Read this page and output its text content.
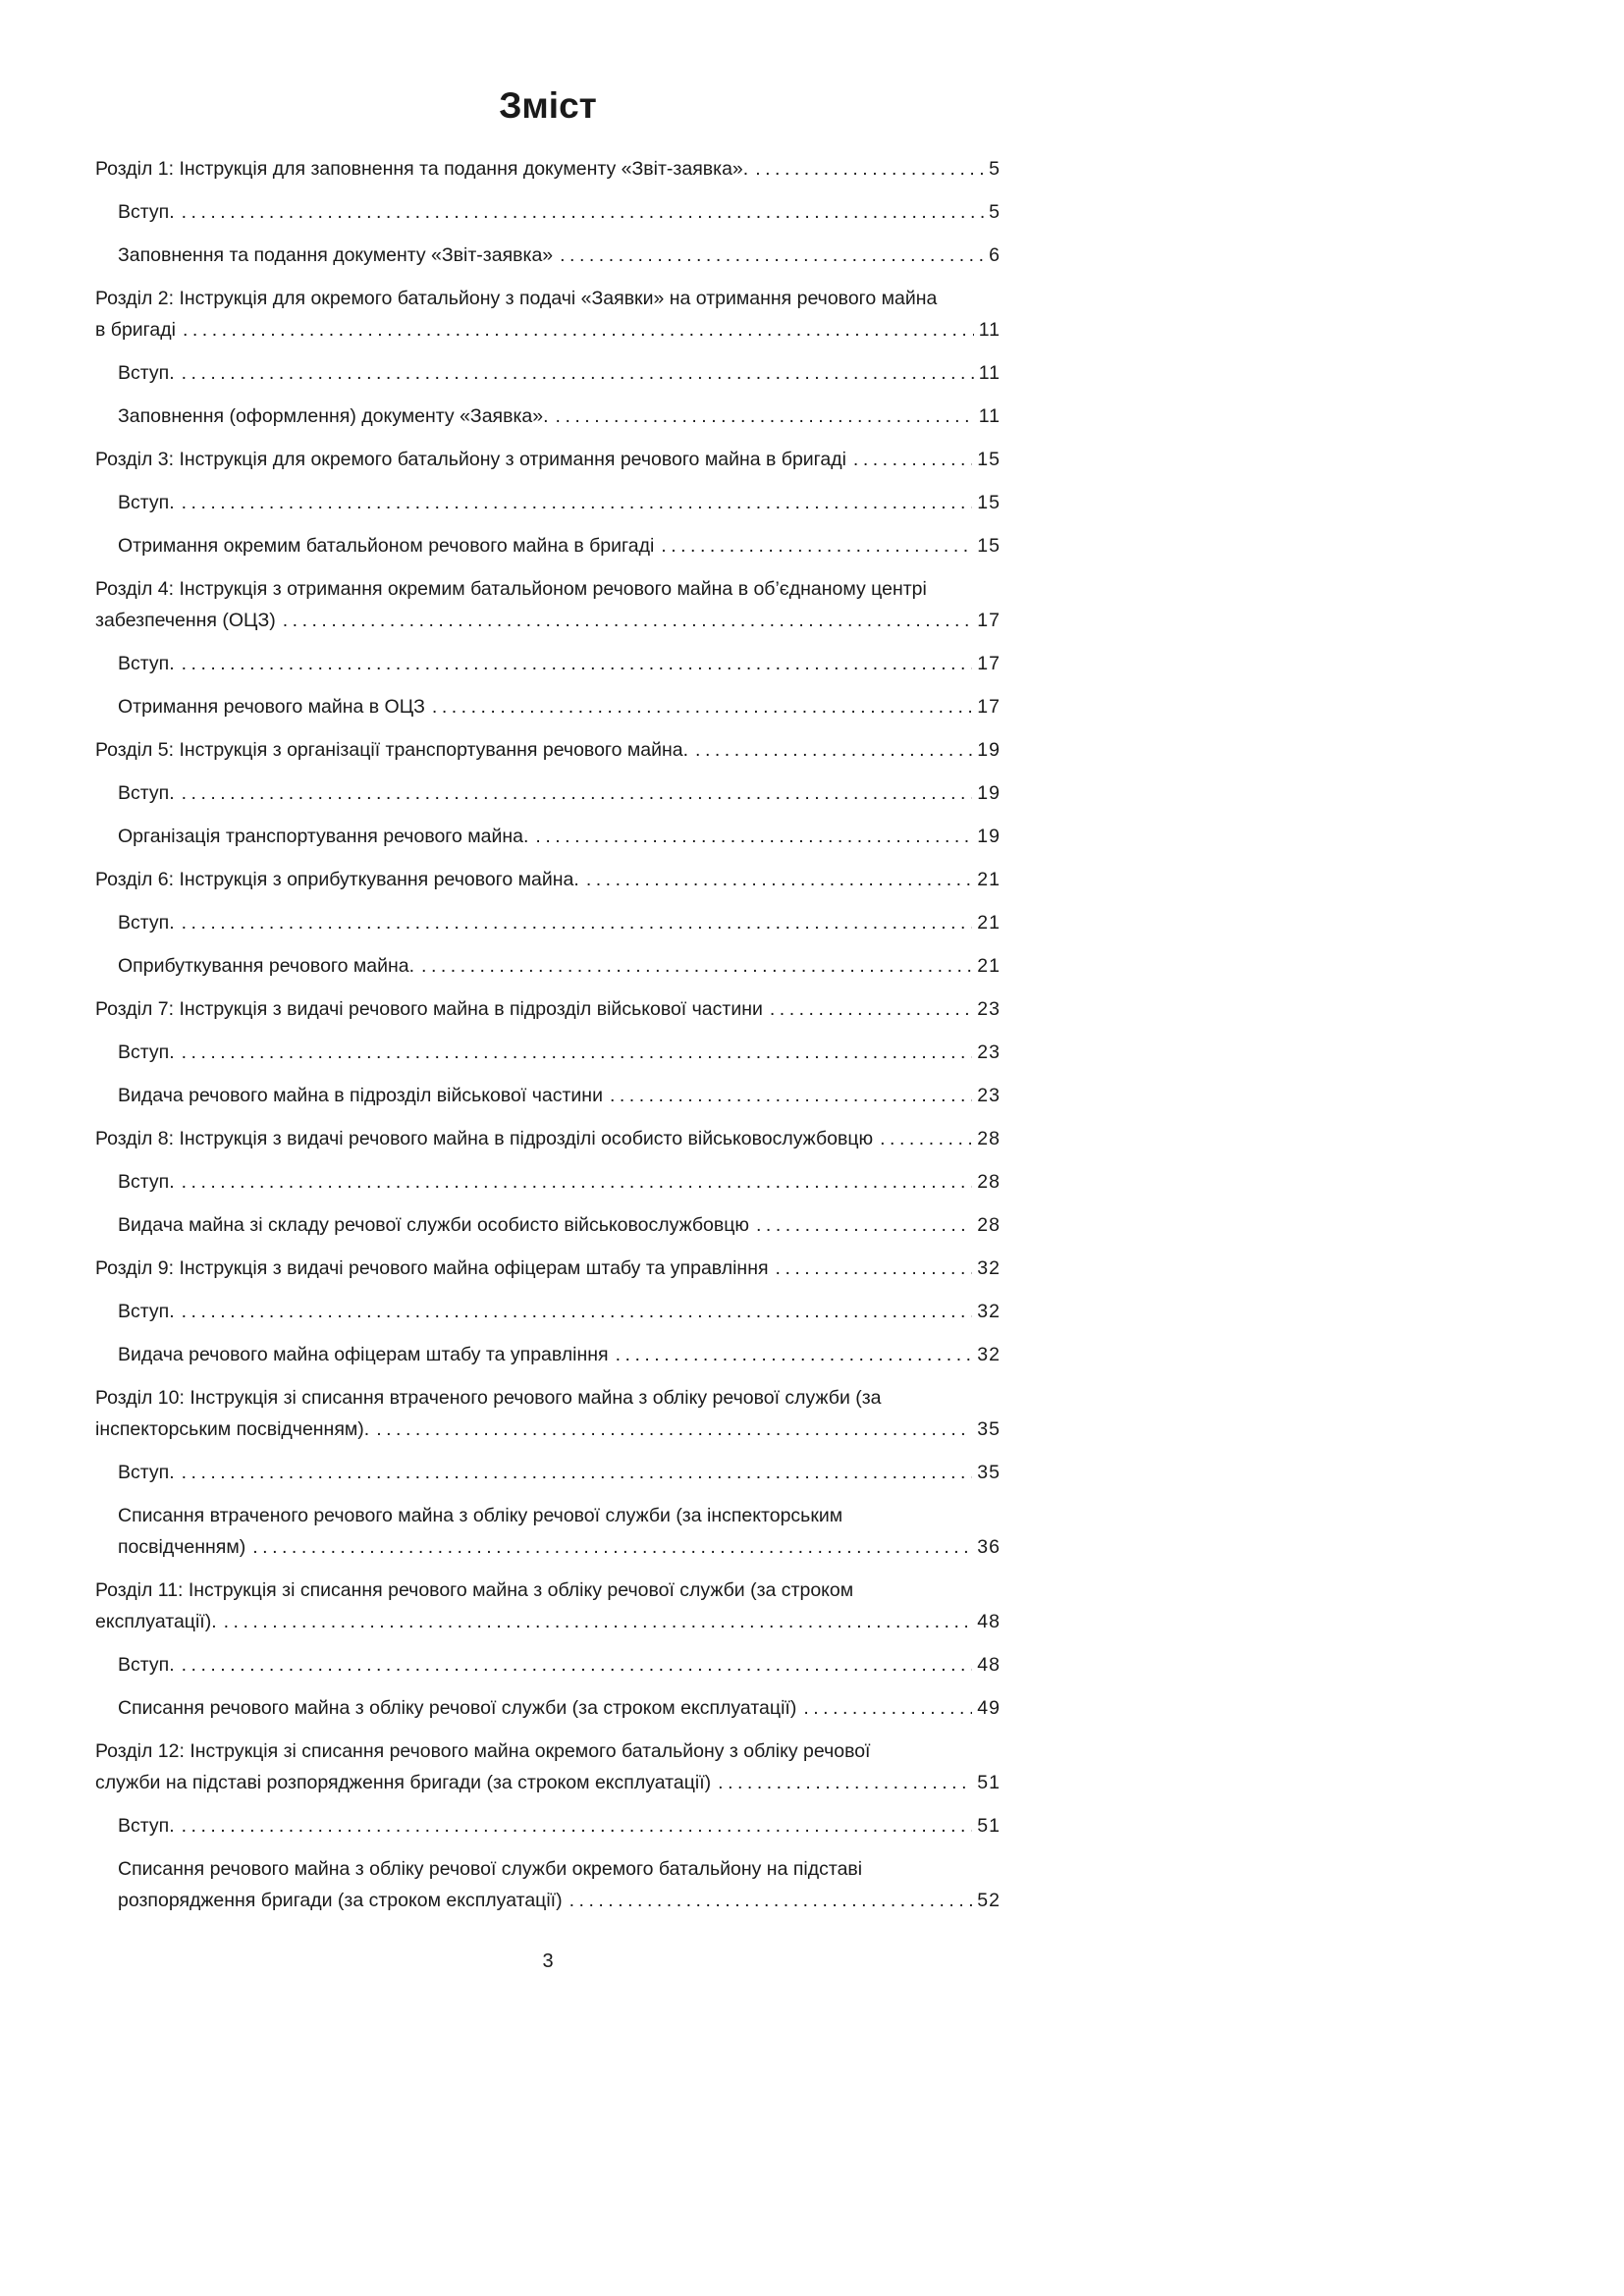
Зміст
Розділ 1: Інструкція для заповнення та подання документу «Звіт-заявка». .....	5
Вступ. .....	5
Заповнення та подання документу «Звіт-заявка» .....	6
Розділ 2: Інструкція для окремого батальйону з подачі «Заявки» на отримання речового майна
в бригаді .....	11
Вступ. .....	11
Заповнення (оформлення) документу «Заявка». .....	11
Розділ 3: Інструкція для окремого батальйону з отримання речового майна в бригаді .....	15
Вступ. .....	15
Отримання окремим батальйоном речового майна в бригаді .....	15
Розділ 4: Інструкція з отримання окремим батальйоном речового майна в об’єднаному центрі
забезпечення (ОЦЗ) .....	17
Вступ. .....	17
Отримання речового майна в ОЦЗ .....	17
Розділ 5: Інструкція з організації транспортування речового майна. .....	19
Вступ. .....	19
Організація транспортування речового майна. .....	19
Розділ 6: Інструкція з оприбуткування речового майна. .....	21
Вступ. .....	21
Оприбуткування речового майна. .....	21
Розділ 7: Інструкція з видачі речового майна в підрозділ військової частини .....	23
Вступ. .....	23
Видача речового майна в підрозділ військової частини .....	23
Розділ 8: Інструкція з видачі речового майна в підрозділі особисто військовослужбовцю .....	28
Вступ. .....	28
Видача майна зі складу речової служби особисто військовослужбовцю .....	28
Розділ 9: Інструкція з видачі речового майна офіцерам штабу та управління .....	32
Вступ. .....	32
Видача речового майна офіцерам штабу та управління .....	32
Розділ 10: Інструкція зі списання втраченого речового майна з обліку речової служби (за
інспекторським посвідченням). .....	35
Вступ. .....	35
Списання втраченого речового майна з обліку речової служби (за інспекторським
посвідченням) .....	36
Розділ 11: Інструкція зі списання речового майна з обліку речової служби (за строком
експлуатації). .....	48
Вступ. .....	48
Списання речового майна з обліку речової служби (за строком експлуатації) .....	49
Розділ 12: Інструкція зі списання речового майна окремого батальйону з обліку речової
служби на підставі розпорядження бригади (за строком експлуатації) .....	51
Вступ. .....	51
Списання речового майна з обліку речової служби окремого батальйону на підставі
розпорядження бригади (за строком експлуатації) .....	52
3
